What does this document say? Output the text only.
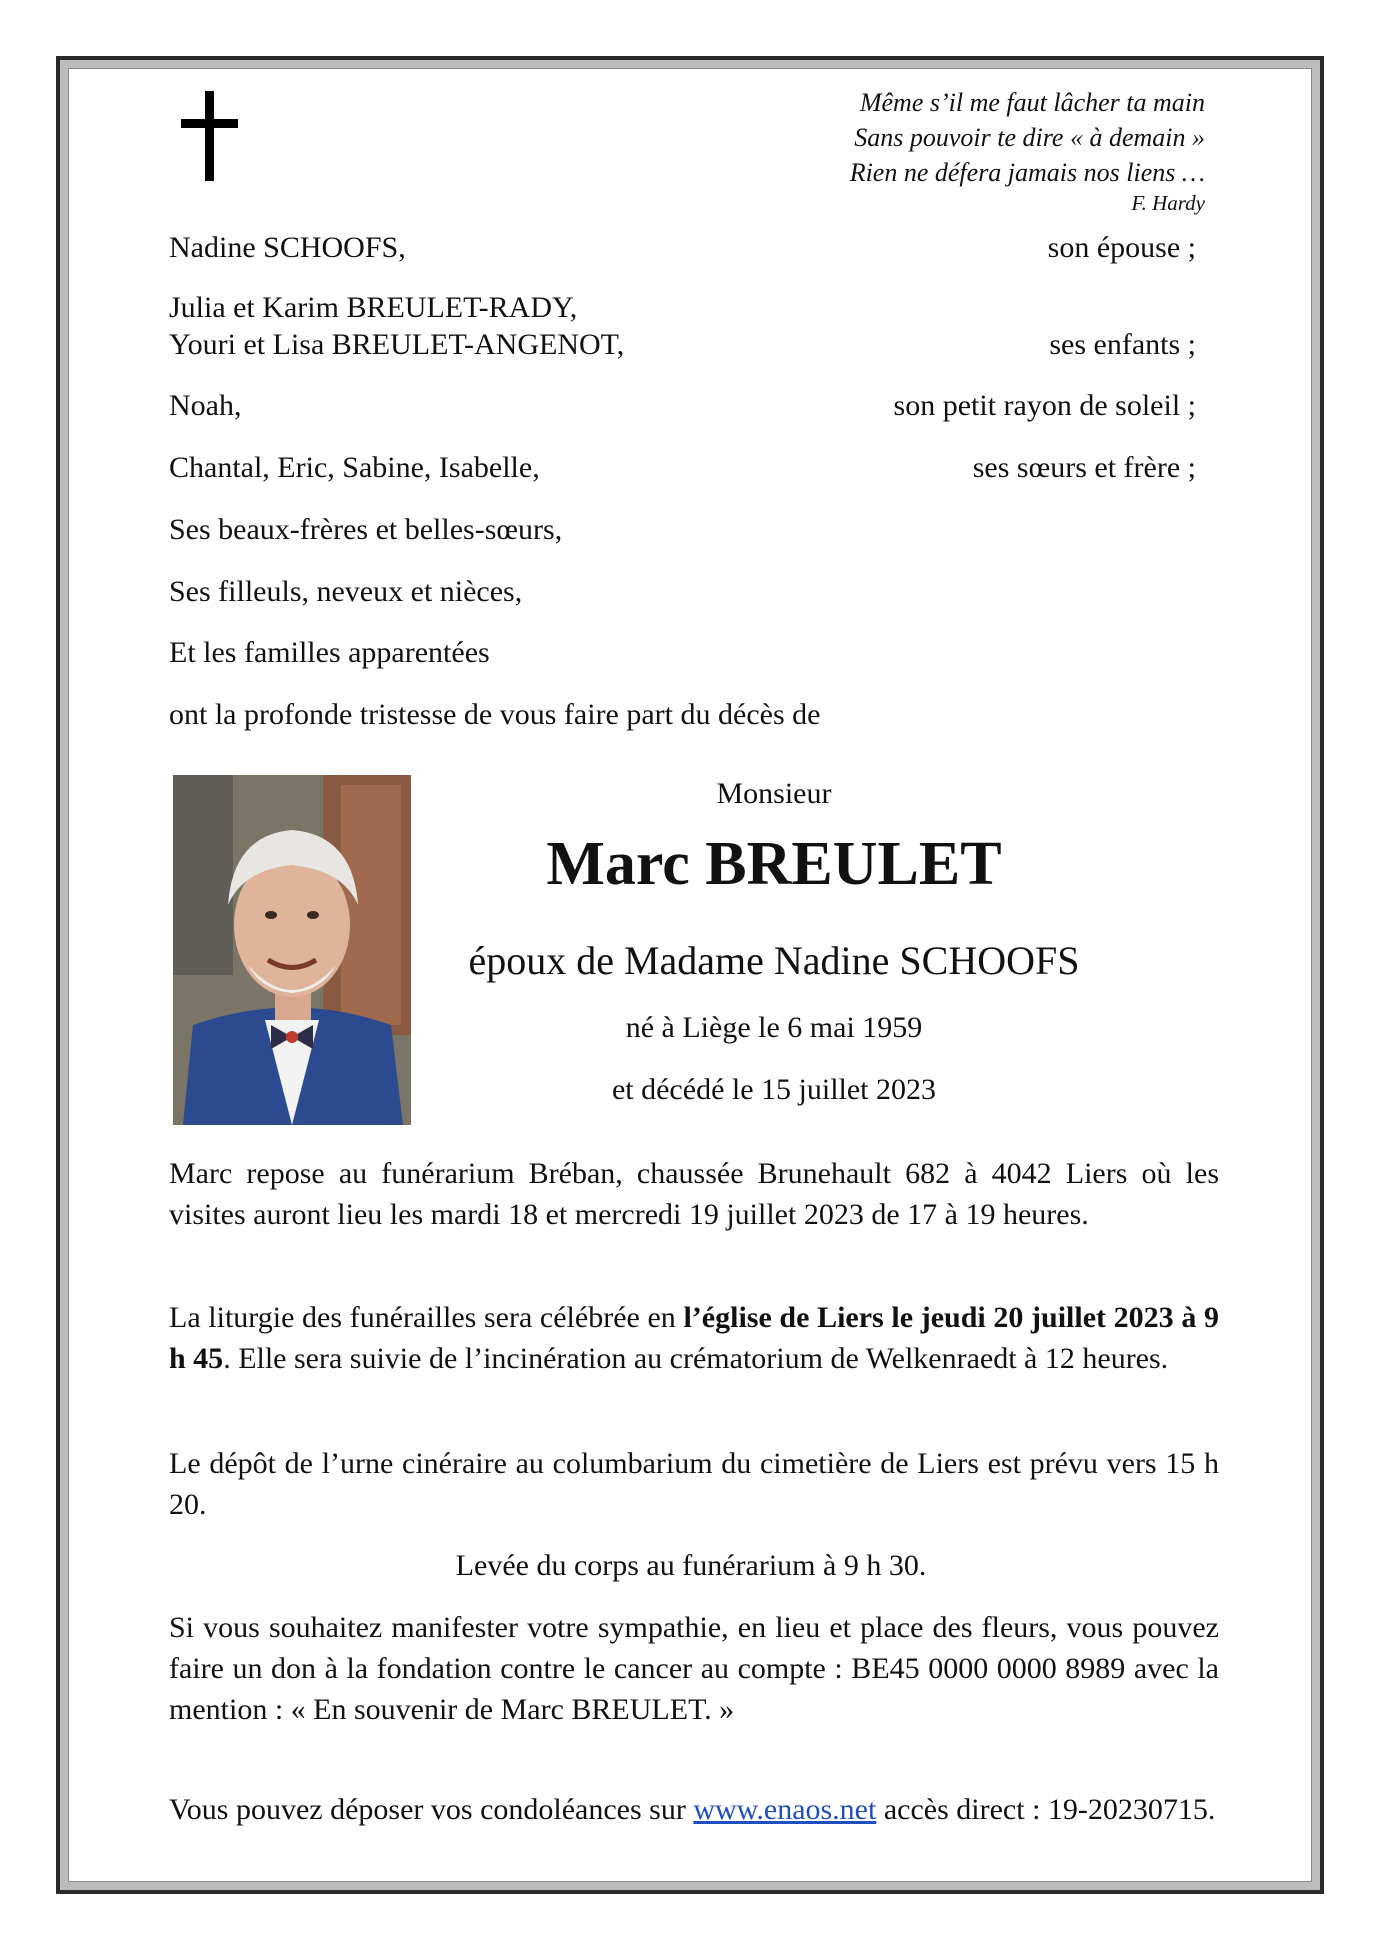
Même s’il me faut lâcher ta main
Sans pouvoir te dire « à demain »
Rien ne défera jamais nos liens …
F. Hardy
Nadine SCHOOFS,	son épouse ;
Julia et Karim BREULET-RADY,
Youri et Lisa BREULET-ANGENOT,	ses enfants ;
Noah,	son petit rayon de soleil ;
Chantal, Eric, Sabine, Isabelle,	ses sœurs et frère ;
Ses beaux-frères et belles-sœurs,
Ses filleuls, neveux et nièces,
Et les familles apparentées
ont la profonde tristesse de vous faire part du décès de
Monsieur
Marc BREULET
époux de Madame Nadine SCHOOFS
né à Liège le 6 mai 1959
et décédé le 15 juillet 2023
Marc repose au funérarium Bréban, chaussée Brunehault 682 à 4042 Liers où les visites auront lieu les mardi 18 et mercredi 19 juillet 2023 de 17 à 19 heures.
La liturgie des funérailles sera célébrée en l’église de Liers le jeudi 20 juillet 2023 à 9 h 45. Elle sera suivie de l’incinération au crématorium de Welkenraedt à 12 heures.
Le dépôt de l’urne cinéraire au columbarium du cimetière de Liers est prévu vers 15 h 20.
Levée du corps au funérarium à 9 h 30.
Si vous souhaitez manifester votre sympathie, en lieu et place des fleurs, vous pouvez faire un don à la fondation contre le cancer au compte : BE45 0000 0000 8989 avec la mention : « En souvenir de Marc BREULET. »
Vous pouvez déposer vos condoléances sur www.enaos.net accès direct : 19-20230715.
